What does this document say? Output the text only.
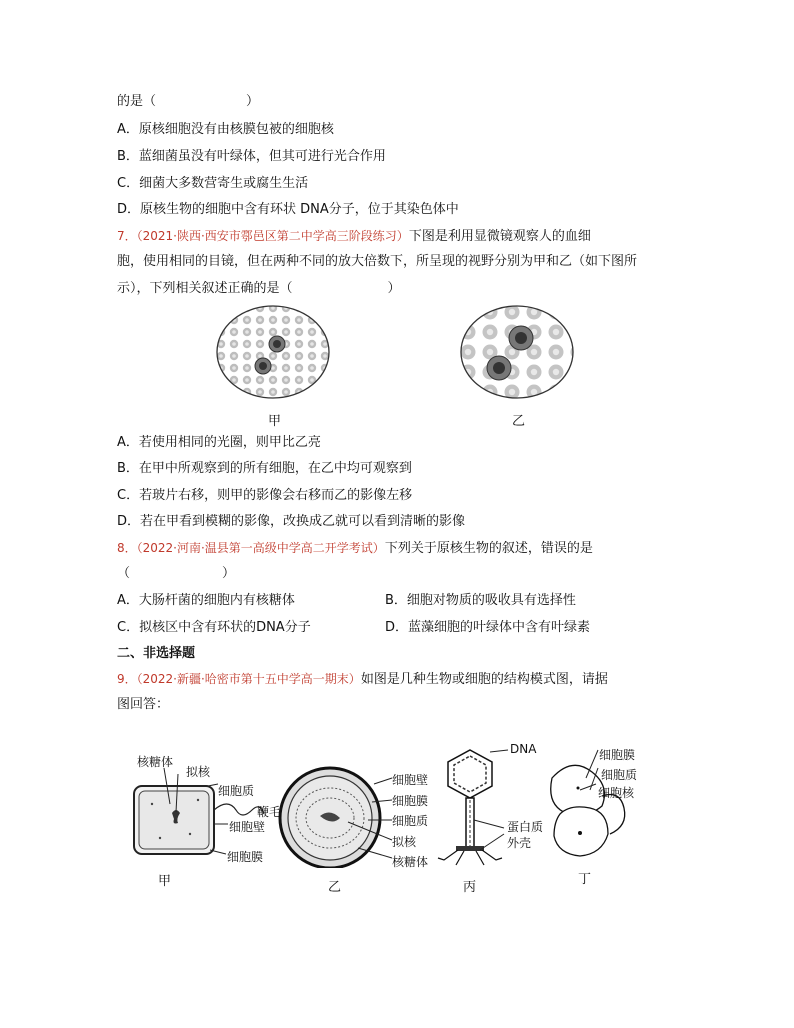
的是（	）
A．原核细胞没有由核膜包被的细胞核
B．蓝细菌虽没有叶绿体，但其可进行光合作用
C．细菌大多数营寄生或腐生生活
D．原核生物的细胞中含有环状 DNA分子，位于其染色体中
7．（2021·陕西·西安市鄠邑区第二中学高三阶段练习）下图是利用显微镜观察人的血细
胞，使用相同的目镜，但在两种不同的放大倍数下，所呈现的视野分别为甲和乙（如下图所
示），下列相关叙述正确的是（	）
甲	乙
A．若使用相同的光圈，则甲比乙亮
B．在甲中所观察到的所有细胞，在乙中均可观察到
C．若玻片右移，则甲的影像会右移而乙的影像左移
D．若在甲看到模糊的影像，改换成乙就可以看到清晰的影像
8．（2022·河南·温县第一高级中学高二开学考试）下列关于原核生物的叙述，错误的是
（	）
A．大肠杆菌的细胞内有核糖体	B．细胞对物质的吸收具有选择性
C．拟核区中含有环状的DNA分子	D．蓝藻细胞的叶绿体中含有叶绿素
二、非选择题
9．（2022·新疆·哈密市第十五中学高一期末）如图是几种生物或细胞的结构模式图，请据
图回答：
核糖体
拟核
细胞质
鞭毛
细胞壁
细胞膜
细胞壁
细胞膜
细胞质
拟核
核糖体
DNA
蛋白质
外壳
细胞膜
细胞质
细胞核
甲	乙	丙
丁
